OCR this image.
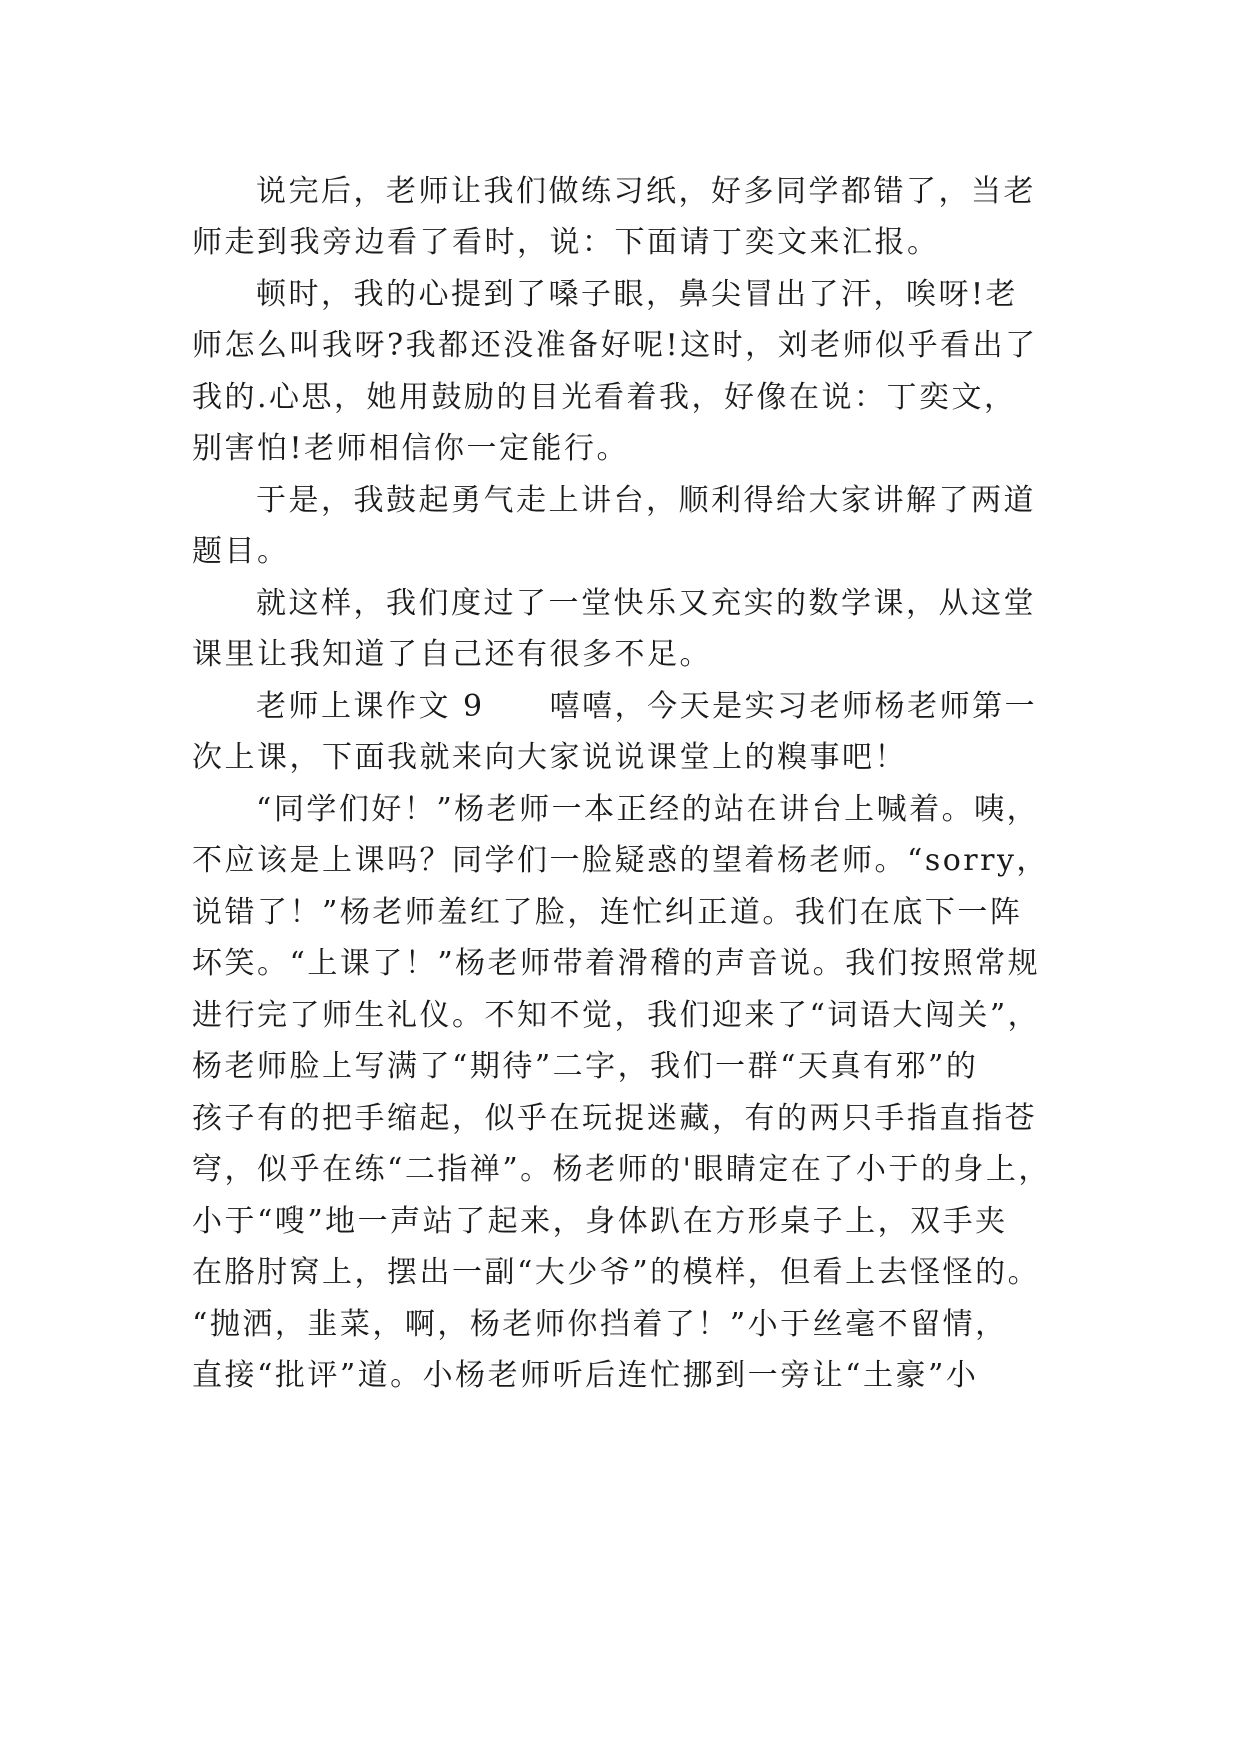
说完后，老师让我们做练习纸，好多同学都错了，当老
师走到我旁边看了看时，说：下面请丁奕文来汇报。
顿时，我的心提到了嗓子眼，鼻尖冒出了汗，唉呀!老
师怎么叫我呀?我都还没准备好呢!这时，刘老师似乎看出了
我的.心思，她用鼓励的目光看着我，好像在说：丁奕文，
别害怕!老师相信你一定能行。
于是，我鼓起勇气走上讲台，顺利得给大家讲解了两道
题目。
就这样，我们度过了一堂快乐又充实的数学课，从这堂
课里让我知道了自己还有很多不足。
老师上课作文 9　　嘻嘻，今天是实习老师杨老师第一
次上课，下面我就来向大家说说课堂上的糗事吧！
“同学们好！”杨老师一本正经的站在讲台上喊着。咦，
不应该是上课吗？同学们一脸疑惑的望着杨老师。“sorry，
说错了！”杨老师羞红了脸，连忙纠正道。我们在底下一阵
坏笑。“上课了！”杨老师带着滑稽的声音说。我们按照常规
进行完了师生礼仪。不知不觉，我们迎来了“词语大闯关”，
杨老师脸上写满了“期待”二字，我们一群“天真有邪”的
孩子有的把手缩起，似乎在玩捉迷藏，有的两只手指直指苍
穹，似乎在练“二指禅”。杨老师的'眼睛定在了小于的身上，
小于“嗖”地一声站了起来，身体趴在方形桌子上，双手夹
在胳肘窝上，摆出一副“大少爷”的模样，但看上去怪怪的。
“抛洒，韭菜，啊，杨老师你挡着了！”小于丝毫不留情，
直接“批评”道。小杨老师听后连忙挪到一旁让“土豪”小
